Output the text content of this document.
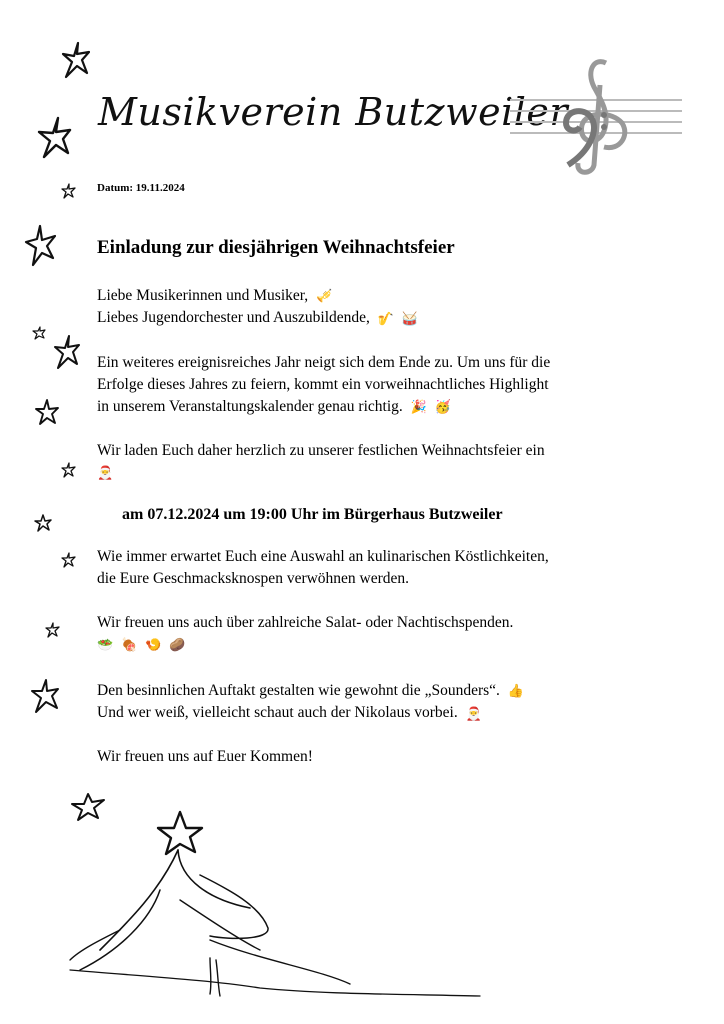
Musikverein Butzweiler
Datum: 19.11.2024
Einladung zur diesjährigen Weihnachtsfeier
Liebe Musikerinnen und Musiker, 🎺
Liebes Jugendorchester und Auszubildende, 🎷 🥁
Ein weiteres ereignisreiches Jahr neigt sich dem Ende zu. Um uns für die
Erfolge dieses Jahres zu feiern, kommt ein vorweihnachtliches Highlight
in unserem Veranstaltungskalender genau richtig. 🎉 🥳
Wir laden Euch daher herzlich zu unserer festlichen Weihnachtsfeier ein
🎅
am 07.12.2024 um 19:00 Uhr im Bürgerhaus Butzweiler
Wie immer erwartet Euch eine Auswahl an kulinarischen Köstlichkeiten,
die Eure Geschmacksknospen verwöhnen werden.
Wir freuen uns auch über zahlreiche Salat- oder Nachtischspenden.
🥗 🍖 🍤 🥔
Den besinnlichen Auftakt gestalten wie gewohnt die „Sounders“. 👍
Und wer weiß, vielleicht schaut auch der Nikolaus vorbei. 🎅
Wir freuen uns auf Euer Kommen!
